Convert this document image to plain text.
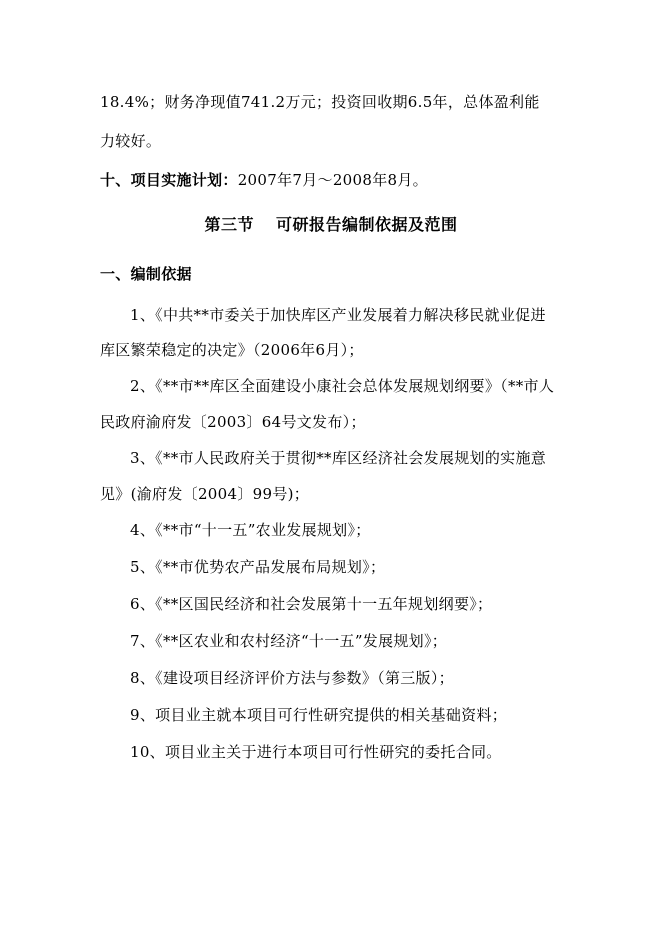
18.4%；财务净现值741.2万元；投资回收期6.5年，总体盈利能
力较好。
十、项目实施计划：2007年7月～2008年8月。
第三节 可研报告编制依据及范围
一、编制依据
1、《中共**市委关于加快库区产业发展着力解决移民就业促进
库区繁荣稳定的决定》（2006年6月）；
2、《**市**库区全面建设小康社会总体发展规划纲要》（**市人
民政府渝府发〔2003〕64号文发布）；
3、《**市人民政府关于贯彻**库区经济社会发展规划的实施意
见》(渝府发〔2004〕99号)；
4、《**市“十一五”农业发展规划》；
5、《**市优势农产品发展布局规划》；
6、《**区国民经济和社会发展第十一五年规划纲要》；
7、《**区农业和农村经济“十一五”发展规划》；
8、《建设项目经济评价方法与参数》（第三版）；
9、项目业主就本项目可行性研究提供的相关基础资料；
10、项目业主关于进行本项目可行性研究的委托合同。
